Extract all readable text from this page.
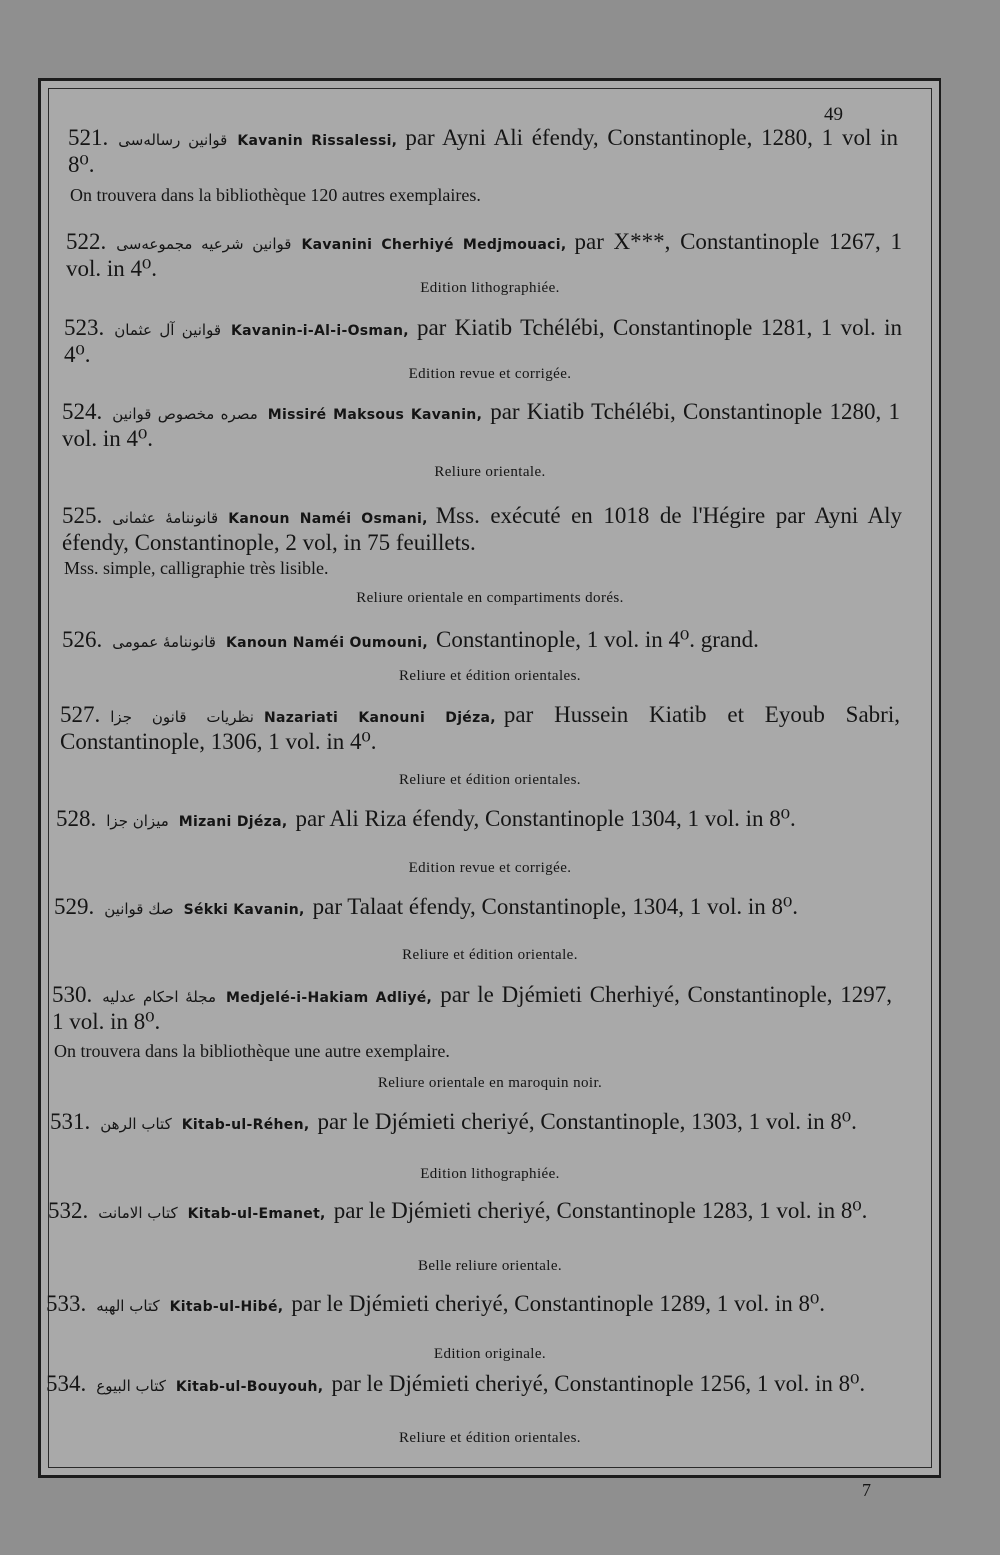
49
521. قوانين رساله‌سى Kavanin Rissalessi, par Ayni Ali éfendy, Constantinople, 1280, 1 vol in 8⁰.
On trouvera dans la bibliothèque 120 autres exemplaires.
522. قوانين شرعيه مجموعه‌سى Kavanini Cherhiyé Medjmouaci, par X***, Constantinople 1267, 1 vol. in 4⁰.
Edition lithographiée.
523. قوانين آل عثمان Kavanin-i-Al-i-Osman, par Kiatib Tchélébi, Constantinople 1281, 1 vol. in 4⁰.
Edition revue et corrigée.
524. مصره مخصوص قوانين Missiré Maksous Kavanin, par Kiatib Tchélébi, Constantinople 1280, 1 vol. in 4⁰.
Reliure orientale.
525. قانوننامۀ عثمانى Kanoun Naméi Osmani, Mss. exécuté en 1018 de l'Hégire par Ayni Aly éfendy, Constantinople, 2 vol, in 75 feuillets.
Mss. simple, calligraphie très lisible.
Reliure orientale en compartiments dorés.
526. قانوننامۀ عمومى Kanoun Naméi Oumouni, Constantinople, 1 vol. in 4⁰. grand.
Reliure et édition orientales.
527. نظريات قانون جزا Nazariati Kanouni Djéza, par Hussein Kiatib et Eyoub Sabri, Constantinople, 1306, 1 vol. in 4⁰.
Reliure et édition orientales.
528. ميزان جزا Mizani Djéza, par Ali Riza éfendy, Constantinople 1304, 1 vol. in 8⁰.
Edition revue et corrigée.
529. صك قوانين Sékki Kavanin, par Talaat éfendy, Constantinople, 1304, 1 vol. in 8⁰.
Reliure et édition orientale.
530. مجلۀ احكام عدليه Medjelé-i-Hakiam Adliyé, par le Djémieti Cherhiyé, Constantinople, 1297, 1 vol. in 8⁰.
On trouvera dans la bibliothèque une autre exemplaire.
Reliure orientale en maroquin noir.
531. كتاب الرهن Kitab-ul-Réhen, par le Djémieti cheriyé, Constantinople, 1303, 1 vol. in 8⁰.
Edition lithographiée.
532. كتاب الامانت Kitab-ul-Emanet, par le Djémieti cheriyé, Constantinople 1283, 1 vol. in 8⁰.
Belle reliure orientale.
533. كتاب الهبه Kitab-ul-Hibé, par le Djémieti cheriyé, Constantinople 1289, 1 vol. in 8⁰.
Edition originale.
534. كتاب البيوع Kitab-ul-Bouyouh, par le Djémieti cheriyé, Constantinople 1256, 1 vol. in 8⁰.
Reliure et édition orientales.
7
